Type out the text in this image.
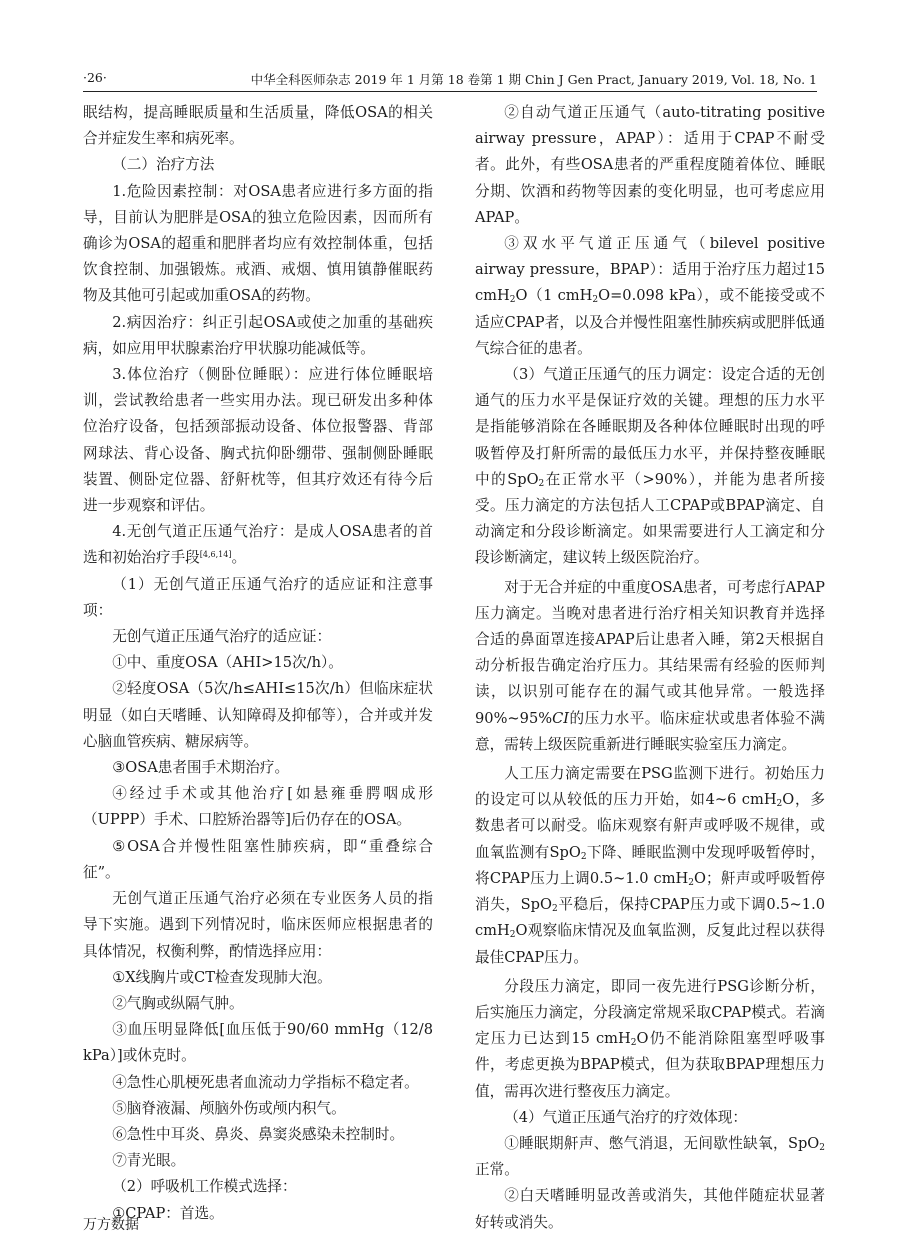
·26·	中华全科医师杂志 2019 年 1 月第 18 卷第 1 期 Chin J Gen Pract, January 2019, Vol. 18, No. 1

眠结构，提高睡眠质量和生活质量，降低OSA的相关合并症发生率和病死率。

（二）治疗方法

1.危险因素控制：对OSA患者应进行多方面的指导，目前认为肥胖是OSA的独立危险因素，因而所有确诊为OSA的超重和肥胖者均应有效控制体重，包括饮食控制、加强锻炼。戒酒、戒烟、慎用镇静催眠药物及其他可引起或加重OSA的药物。

2.病因治疗：纠正引起OSA或使之加重的基础疾病，如应用甲状腺素治疗甲状腺功能减低等。

3.体位治疗（侧卧位睡眠）：应进行体位睡眠培训，尝试教给患者一些实用办法。现已研发出多种体位治疗设备，包括颈部振动设备、体位报警器、背部网球法、背心设备、胸式抗仰卧绷带、强制侧卧睡眠装置、侧卧定位器、舒鼾枕等，但其疗效还有待今后进一步观察和评估。

4.无创气道正压通气治疗：是成人OSA患者的首选和初始治疗手段[4,6,14]。

（1）无创气道正压通气治疗的适应证和注意事项：

无创气道正压通气治疗的适应证：

①中、重度OSA（AHI>15次/h）。

②轻度OSA（5次/h≤AHI≤15次/h）但临床症状明显（如白天嗜睡、认知障碍及抑郁等），合并或并发心脑血管疾病、糖尿病等。

③OSA患者围手术期治疗。

④经过手术或其他治疗[如悬雍垂腭咽成形（UPPP）手术、口腔矫治器等]后仍存在的OSA。

⑤OSA合并慢性阻塞性肺疾病，即“重叠综合征”。

无创气道正压通气治疗必须在专业医务人员的指导下实施。遇到下列情况时，临床医师应根据患者的具体情况，权衡利弊，酌情选择应用：

①X线胸片或CT检查发现肺大泡。

②气胸或纵隔气肿。

③血压明显降低[血压低于90/60 mmHg（12/8 kPa）]或休克时。

④急性心肌梗死患者血流动力学指标不稳定者。

⑤脑脊液漏、颅脑外伤或颅内积气。

⑥急性中耳炎、鼻炎、鼻窦炎感染未控制时。

⑦青光眼。

（2）呼吸机工作模式选择：

①CPAP：首选。

②自动气道正压通气（auto-titrating positive airway pressure，APAP）：适用于CPAP不耐受者。此外，有些OSA患者的严重程度随着体位、睡眠分期、饮酒和药物等因素的变化明显，也可考虑应用APAP。

③双水平气道正压通气（bilevel positive airway pressure，BPAP）：适用于治疗压力超过15 cmH$_2$O（1 cmH$_2$O=0.098 kPa），或不能接受或不适应CPAP者，以及合并慢性阻塞性肺疾病或肥胖低通气综合征的患者。

（3）气道正压通气的压力调定：设定合适的无创通气的压力水平是保证疗效的关键。理想的压力水平是指能够消除在各睡眠期及各种体位睡眠时出现的呼吸暂停及打鼾所需的最低压力水平，并保持整夜睡眠中的SpO$_2$在正常水平（>90%），并能为患者所接受。压力滴定的方法包括人工CPAP或BPAP滴定、自动滴定和分段诊断滴定。如果需要进行人工滴定和分段诊断滴定，建议转上级医院治疗。

对于无合并症的中重度OSA患者，可考虑行APAP压力滴定。当晚对患者进行治疗相关知识教育并选择合适的鼻面罩连接APAP后让患者入睡，第2天根据自动分析报告确定治疗压力。其结果需有经验的医师判读，以识别可能存在的漏气或其他异常。一般选择90%~95%CI的压力水平。临床症状或患者体验不满意，需转上级医院重新进行睡眠实验室压力滴定。

人工压力滴定需要在PSG监测下进行。初始压力的设定可以从较低的压力开始，如4~6 cmH$_2$O，多数患者可以耐受。临床观察有鼾声或呼吸不规律，或血氧监测有SpO$_2$下降、睡眠监测中发现呼吸暂停时，将CPAP压力上调0.5~1.0 cmH$_2$O；鼾声或呼吸暂停消失，SpO$_2$平稳后，保持CPAP压力或下调0.5~1.0 cmH$_2$O观察临床情况及血氧监测，反复此过程以获得最佳CPAP压力。

分段压力滴定，即同一夜先进行PSG诊断分析，后实施压力滴定，分段滴定常规采取CPAP模式。若滴定压力已达到15 cmH$_2$O仍不能消除阻塞型呼吸事件，考虑更换为BPAP模式，但为获取BPAP理想压力值，需再次进行整夜压力滴定。

（4）气道正压通气治疗的疗效体现：

①睡眠期鼾声、憋气消退，无间歇性缺氧，SpO$_2$正常。

②白天嗜睡明显改善或消失，其他伴随症状显著好转或消失。

万方数据
